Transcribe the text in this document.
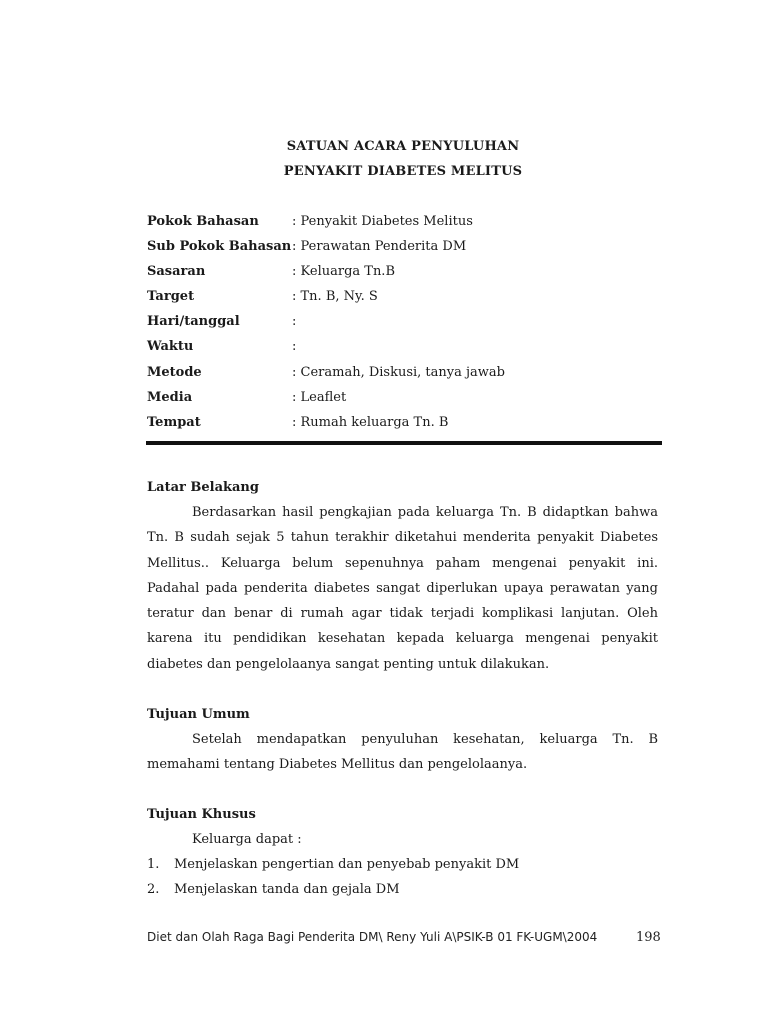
SATUAN ACARA PENYULUHAN
PENYAKIT DIABETES MELITUS
Pokok Bahasan	: Penyakit Diabetes Melitus
Sub Pokok Bahasan : Perawatan Penderita DM
Sasaran	: Keluarga Tn.B
Target	: Tn. B, Ny. S
Hari/tanggal	:
Waktu	:
Metode	: Ceramah, Diskusi, tanya jawab
Media	: Leaflet
Tempat	: Rumah keluarga Tn. B
Latar Belakang

Berdasarkan hasil pengkajian pada keluarga Tn. B didaptkan bahwa Tn. B sudah sejak 5 tahun terakhir diketahui menderita penyakit Diabetes Mellitus.. Keluarga belum sepenuhnya paham mengenai penyakit ini. Padahal pada penderita diabetes sangat diperlukan upaya perawatan yang teratur dan benar di rumah agar tidak terjadi komplikasi lanjutan. Oleh karena itu pendidikan kesehatan kepada keluarga mengenai penyakit diabetes dan pengelolaanya sangat penting untuk dilakukan.

Tujuan Umum

Setelah mendapatkan penyuluhan kesehatan, keluarga Tn. B memahami tentang Diabetes Mellitus dan pengelolaanya.

Tujuan Khusus
Keluarga dapat :
1. Menjelaskan pengertian dan penyebab penyakit DM
2. Menjelaskan tanda dan gejala DM
Diet dan Olah Raga Bagi Penderita DM\ Reny Yuli A\PSIK-B 01 FK-UGM\2004	198
